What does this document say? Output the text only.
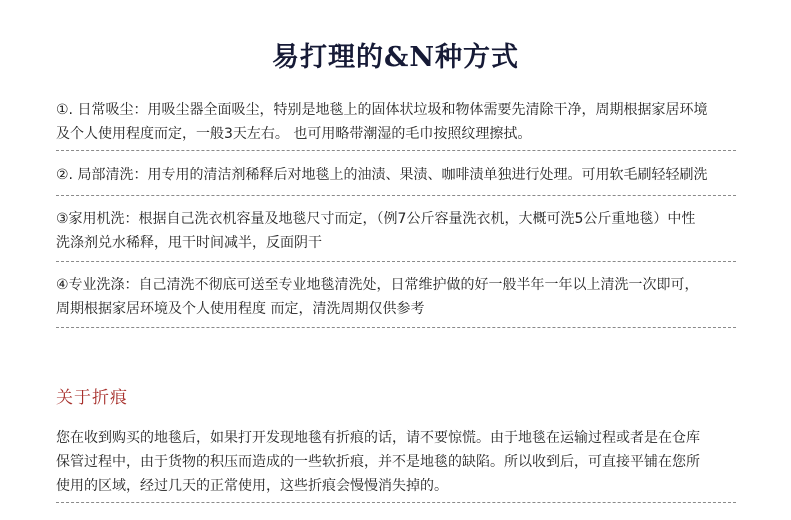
易打理的&N种方式

①. 日常吸尘：用吸尘器全面吸尘，特别是地毯上的固体状垃圾和物体需要先清除干净，周期根据家居环境

及个人使用程度而定，一般3天左右。 也可用略带潮湿的毛巾按照纹理擦拭。

②. 局部清洗：用专用的清洁剂稀释后对地毯上的油渍、果渍、咖啡渍单独进行处理。可用软毛刷轻轻刷洗

③家用机洗：根据自己洗衣机容量及地毯尺寸而定，（例7公斤容量洗衣机，大概可洗5公斤重地毯）中性

洗涤剂兑水稀释，甩干时间减半，反面阴干

④专业洗涤：自己清洗不彻底可送至专业地毯清洗处，日常维护做的好一般半年一年以上清洗一次即可，

周期根据家居环境及个人使用程度 而定，清洗周期仅供参考

关于折痕

您在收到购买的地毯后，如果打开发现地毯有折痕的话，请不要惊慌。由于地毯在运输过程或者是在仓库

保管过程中，由于货物的积压而造成的一些软折痕，并不是地毯的缺陷。所以收到后，可直接平铺在您所

使用的区域，经过几天的正常使用，这些折痕会慢慢消失掉的。
